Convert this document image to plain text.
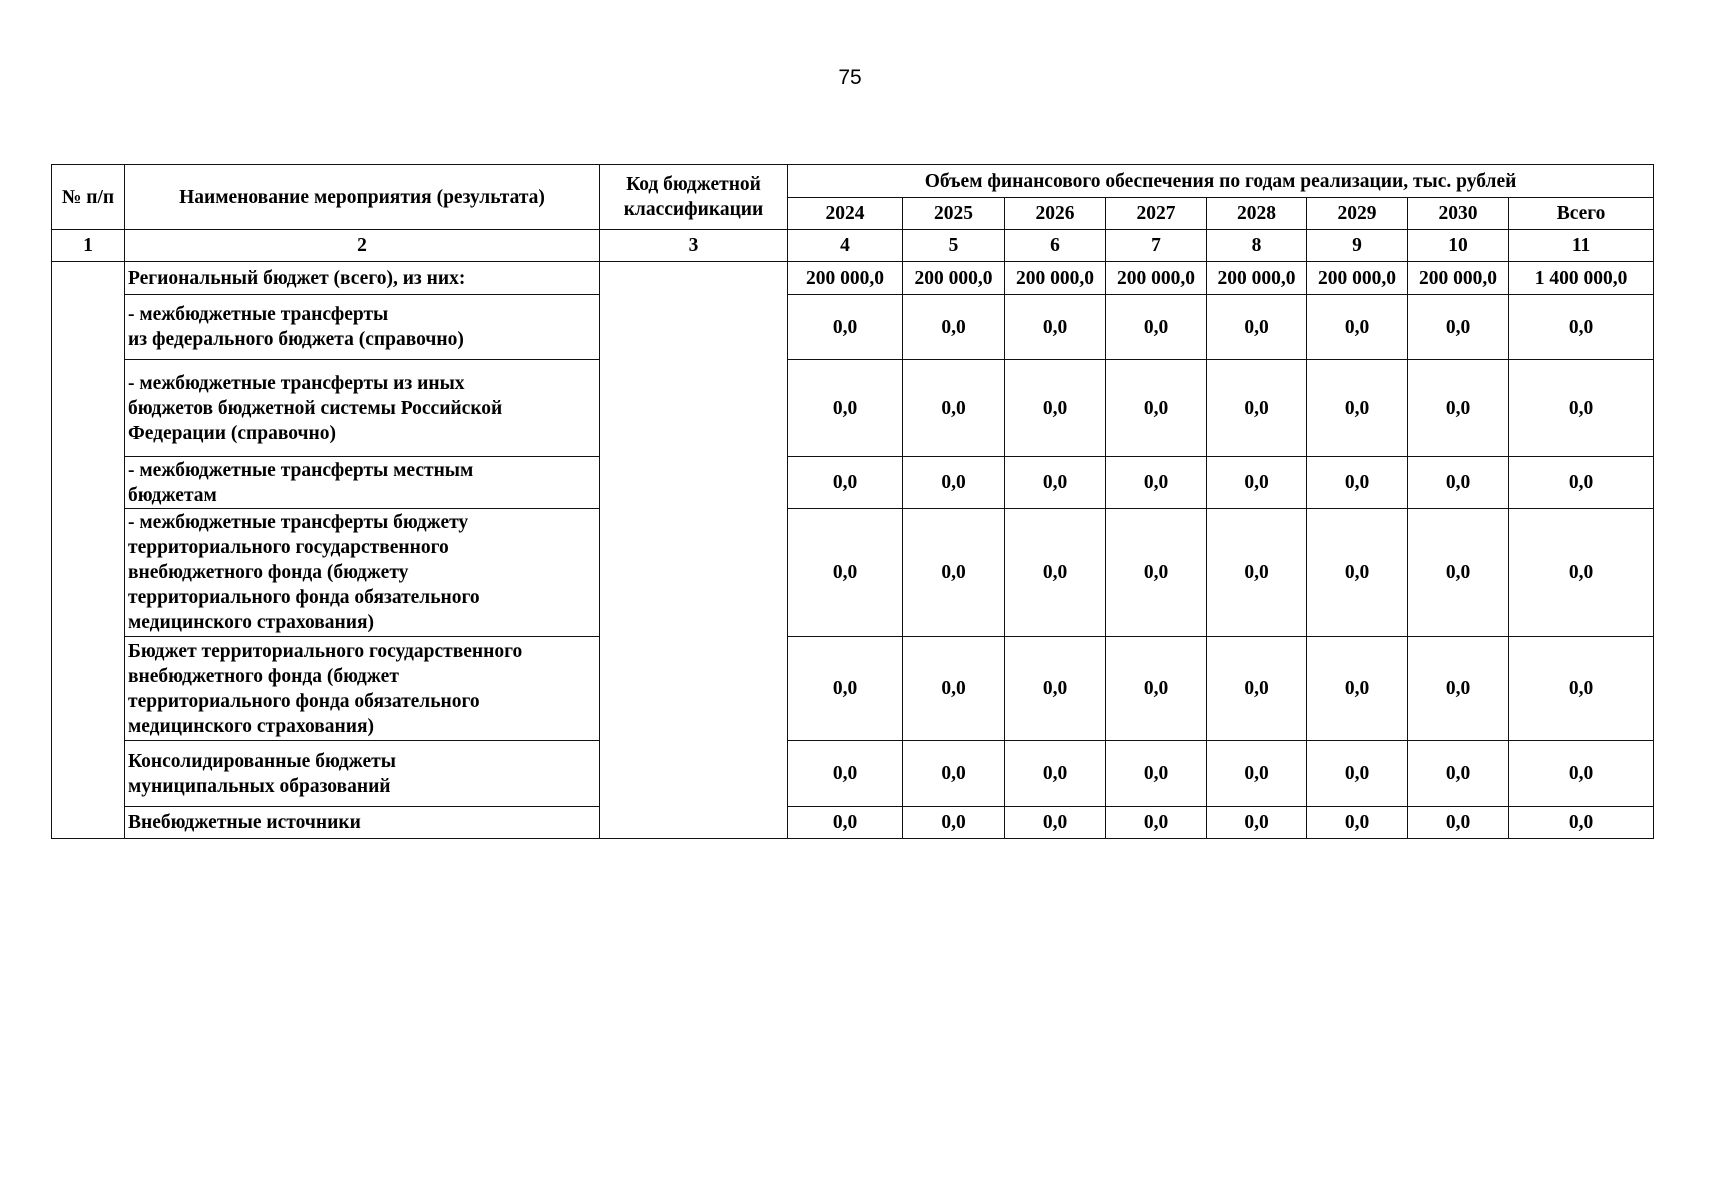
75
№ п/п	Наименование мероприятия (результата)	Код бюджетной классификации	Объем финансового обеспечения по годам реализации, тыс. рублей							
			2024	2025	2026	2027	2028	2029	2030	Всего
1	2	3	4	5	6	7	8	9	10	11

	Региональный бюджет (всего), из них:		200 000,0	200 000,0	200 000,0	200 000,0	200 000,0	200 000,0	200 000,0	1 400 000,0

	- межбюджетные трансферты
из федерального бюджета (справочно)		0,0	0,0	0,0	0,0	0,0	0,0	0,0	0,0

	- межбюджетные трансферты из иных
бюджетов бюджетной системы Российской
Федерации (справочно)		0,0	0,0	0,0	0,0	0,0	0,0	0,0	0,0

	- межбюджетные трансферты местным
бюджетам		0,0	0,0	0,0	0,0	0,0	0,0	0,0	0,0

	- межбюджетные трансферты бюджету
территориального государственного
внебюджетного фонда (бюджету
территориального фонда обязательного
медицинского страхования)		0,0	0,0	0,0	0,0	0,0	0,0	0,0	0,0

	Бюджет территориального государственного
внебюджетного фонда (бюджет
территориального фонда обязательного
медицинского страхования)		0,0	0,0	0,0	0,0	0,0	0,0	0,0	0,0

	Консолидированные бюджеты
муниципальных образований		0,0	0,0	0,0	0,0	0,0	0,0	0,0	0,0

	Внебюджетные источники		0,0	0,0	0,0	0,0	0,0	0,0	0,0	0,0
